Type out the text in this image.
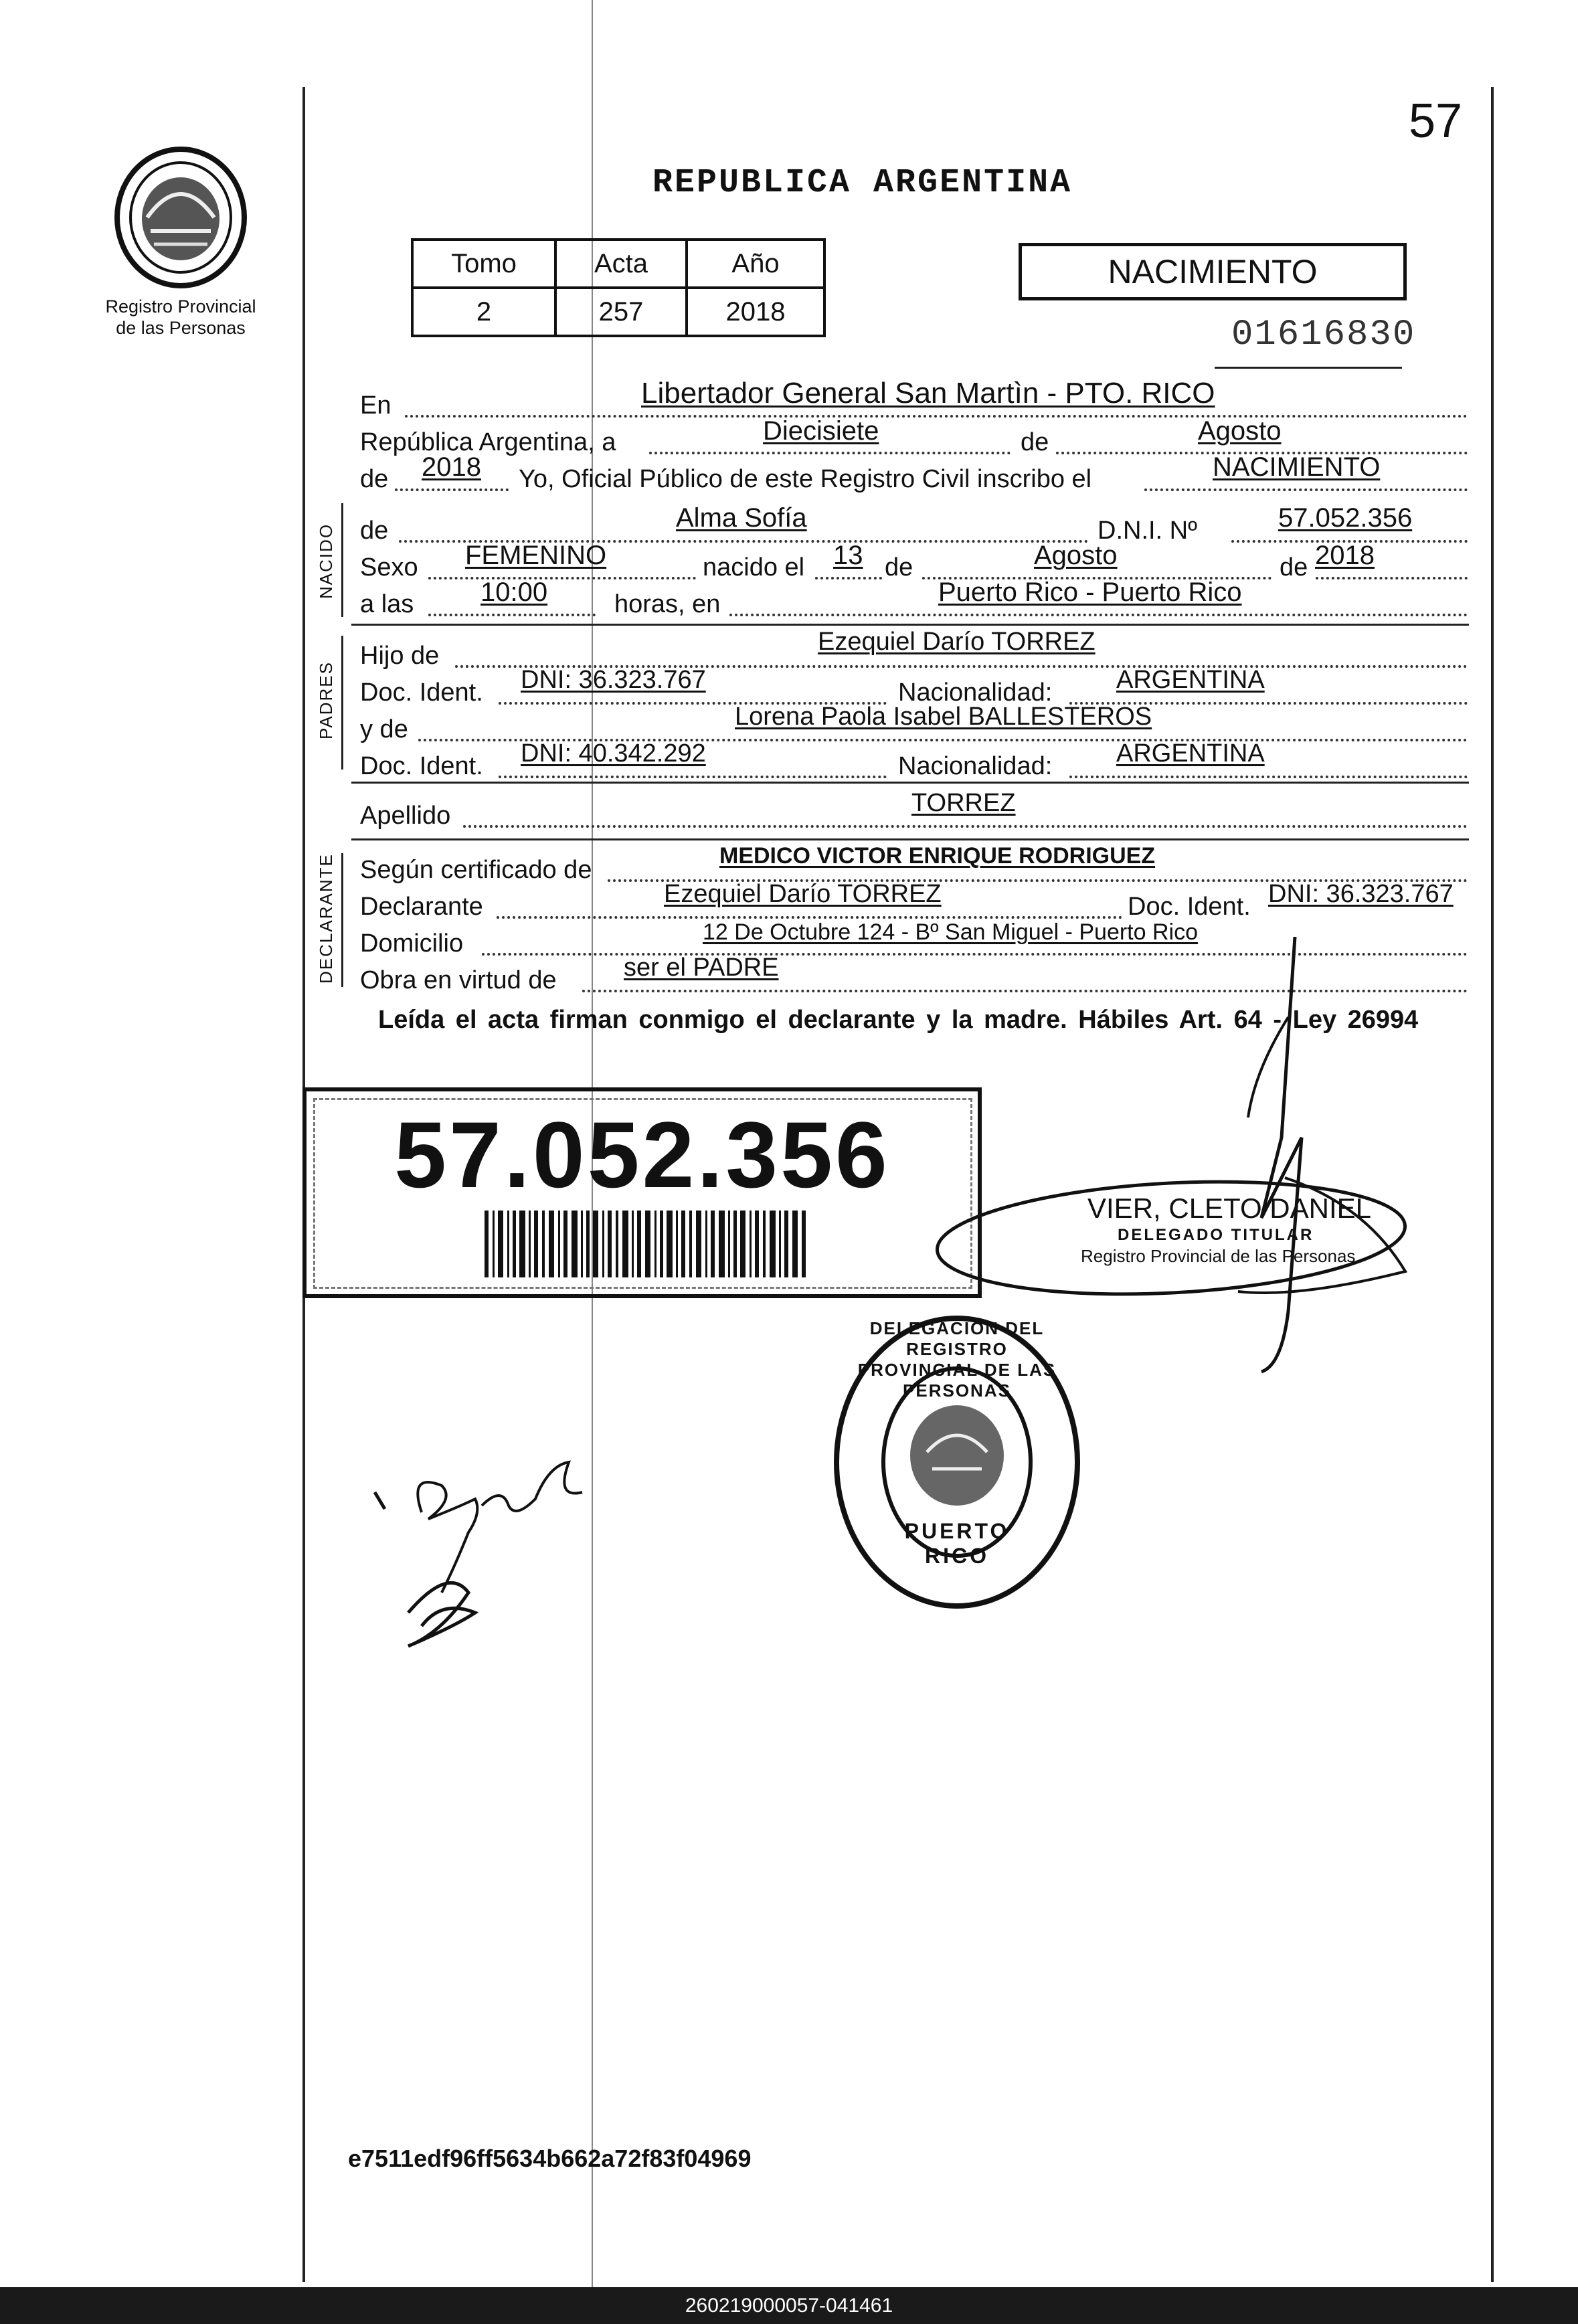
57
Registro Provincial
de las Personas
REPUBLICA ARGENTINA
Tomo	Acta	Año
2	257	2018
NACIMIENTO
01616830
En	Libertador General San Martìn - PTO. RICO
República Argentina, a	Diecisiete	de	Agosto
de 2018 Yo, Oficial Público de este Registro Civil inscribo el	NACIMIENTO
NACIDO de	Alma Sofía	D.N.I. Nº	57.052.356
Sexo FEMENINO	nacido el 13 de	Agosto	de 2018
a las 10:00	horas, en	Puerto Rico - Puerto Rico
PADRES
Hijo de	Ezequiel Darío TORREZ
Doc. Ident. DNI: 36.323.767	Nacionalidad:	ARGENTINA
y de	Lorena Paola Isabel BALLESTEROS
Doc. Ident. DNI: 40.342.292	Nacionalidad:	ARGENTINA
Apellido	TORREZ
DECLARANTE Según certificado de	MEDICO VICTOR ENRIQUE RODRIGUEZ
Declarante	Ezequiel Darío TORREZ	Doc. Ident. DNI: 36.323.767
Domicilio	12 De Octubre 124 - Bº San Miguel - Puerto Rico
Obra en virtud de	ser el PADRE
Leída el acta firman conmigo el declarante y la madre. Hábiles Art. 64 - Ley 26994
57.052.356
VIER, CLETO DANIEL
DELEGADO TITULAR
Registro Provincial de las Personas
DELEGACION DEL REGISTRO PROVINCIAL DE LAS PERSONAS
PUERTO RICO
e7511edf96ff5634b662a72f83f04969
260219000057-041461
